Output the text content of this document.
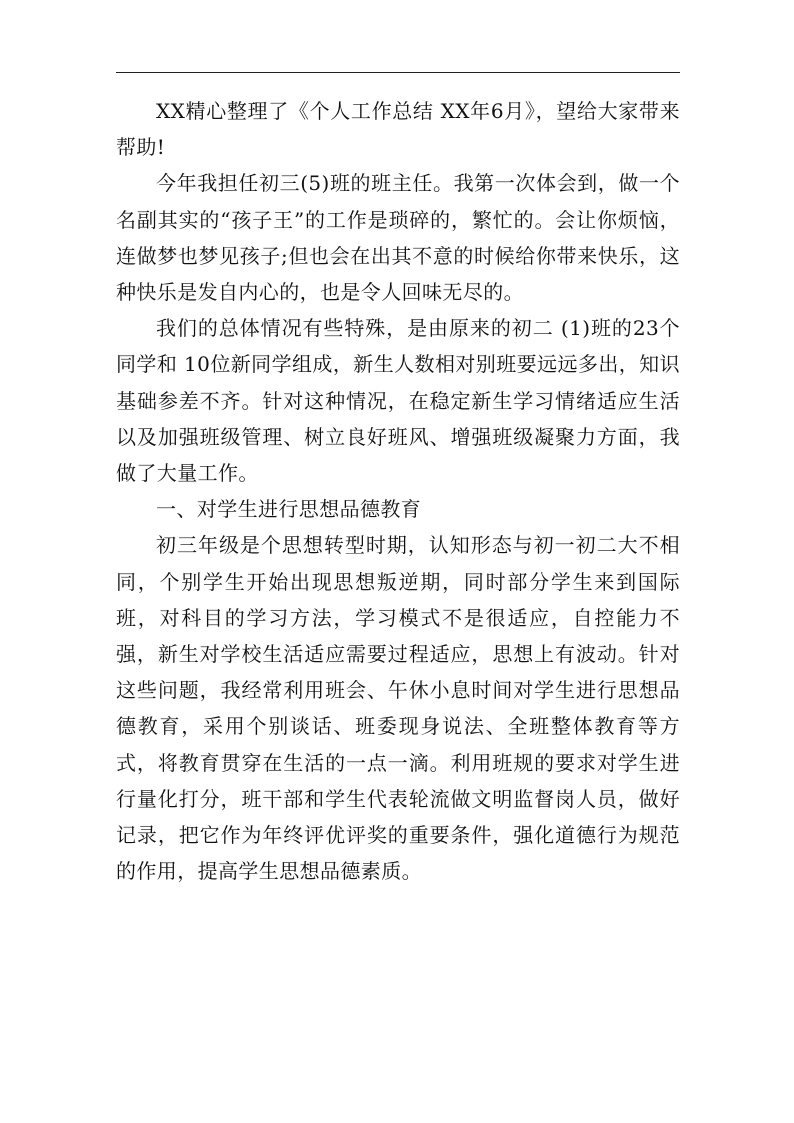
XX精心整理了《个人工作总结 XX年6月》，望给大家带来帮助!

今年我担任初三(5)班的班主任。我第一次体会到，做一个名副其实的“孩子王”的工作是琐碎的，繁忙的。会让你烦恼，连做梦也梦见孩子;但也会在出其不意的时候给你带来快乐，这种快乐是发自内心的，也是令人回味无尽的。

我们的总体情况有些特殊，是由原来的初二 (1)班的23个同学和 10位新同学组成，新生人数相对别班要远远多出，知识基础参差不齐。针对这种情况，在稳定新生学习情绪适应生活以及加强班级管理、树立良好班风、增强班级凝聚力方面，我做了大量工作。

一、对学生进行思想品德教育

初三年级是个思想转型时期，认知形态与初一初二大不相同，个别学生开始出现思想叛逆期，同时部分学生来到国际班，对科目的学习方法，学习模式不是很适应，自控能力不强，新生对学校生活适应需要过程适应，思想上有波动。针对这些问题，我经常利用班会、午休小息时间对学生进行思想品德教育，采用个别谈话、班委现身说法、全班整体教育等方式，将教育贯穿在生活的一点一滴。利用班规的要求对学生进行量化打分，班干部和学生代表轮流做文明监督岗人员，做好记录，把它作为年终评优评奖的重要条件，强化道德行为规范的作用，提高学生思想品德素质。
